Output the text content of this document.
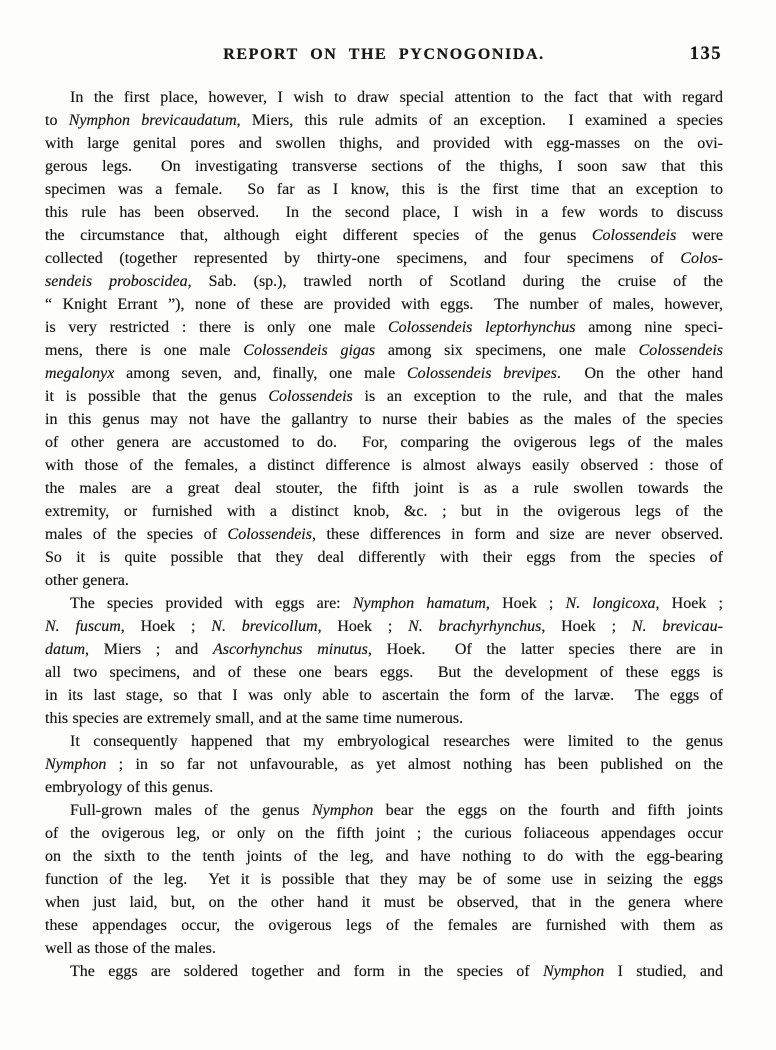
REPORT ON THE PYCNOGONIDA.	135
In the first place, however, I wish to draw special attention to the fact that with regard
to Nymphon brevicaudatum, Miers, this rule admits of an exception.  I examined a species
with large genital pores and swollen thighs, and provided with egg-masses on the ovi-
gerous legs.  On investigating transverse sections of the thighs, I soon saw that this
specimen was a female.  So far as I know, this is the first time that an exception to
this rule has been observed.  In the second place, I wish in a few words to discuss
the circumstance that, although eight different species of the genus Colossendeis were
collected (together represented by thirty-one specimens, and four specimens of Colos-
sendeis proboscidea, Sab. (sp.), trawled north of Scotland during the cruise of the
“ Knight Errant ”), none of these are provided with eggs.  The number of males, however,
is very restricted : there is only one male Colossendeis leptorhynchus among nine speci-
mens, there is one male Colossendeis gigas among six specimens, one male Colossendeis
megalonyx among seven, and, finally, one male Colossendeis brevipes.  On the other hand
it is possible that the genus Colossendeis is an exception to the rule, and that the males
in this genus may not have the gallantry to nurse their babies as the males of the species
of other genera are accustomed to do.  For, comparing the ovigerous legs of the males
with those of the females, a distinct difference is almost always easily observed : those of
the males are a great deal stouter, the fifth joint is as a rule swollen towards the
extremity, or furnished with a distinct knob, &c. ; but in the ovigerous legs of the
males of the species of Colossendeis, these differences in form and size are never observed.
So it is quite possible that they deal differently with their eggs from the species of
other genera.
The species provided with eggs are: Nymphon hamatum, Hoek ; N. longicoxa, Hoek ;
N. fuscum, Hoek ; N. brevicollum, Hoek ; N. brachyrhynchus, Hoek ; N. brevicau-
datum, Miers ; and Ascorhynchus minutus, Hoek.  Of the latter species there are in
all two specimens, and of these one bears eggs.  But the development of these eggs is
in its last stage, so that I was only able to ascertain the form of the larvæ.  The eggs of
this species are extremely small, and at the same time numerous.
It consequently happened that my embryological researches were limited to the genus
Nymphon ; in so far not unfavourable, as yet almost nothing has been published on the
embryology of this genus.
Full-grown males of the genus Nymphon bear the eggs on the fourth and fifth joints
of the ovigerous leg, or only on the fifth joint ; the curious foliaceous appendages occur
on the sixth to the tenth joints of the leg, and have nothing to do with the egg-bearing
function of the leg.  Yet it is possible that they may be of some use in seizing the eggs
when just laid, but, on the other hand it must be observed, that in the genera where
these appendages occur, the ovigerous legs of the females are furnished with them as
well as those of the males.
The eggs are soldered together and form in the species of Nymphon I studied, and
